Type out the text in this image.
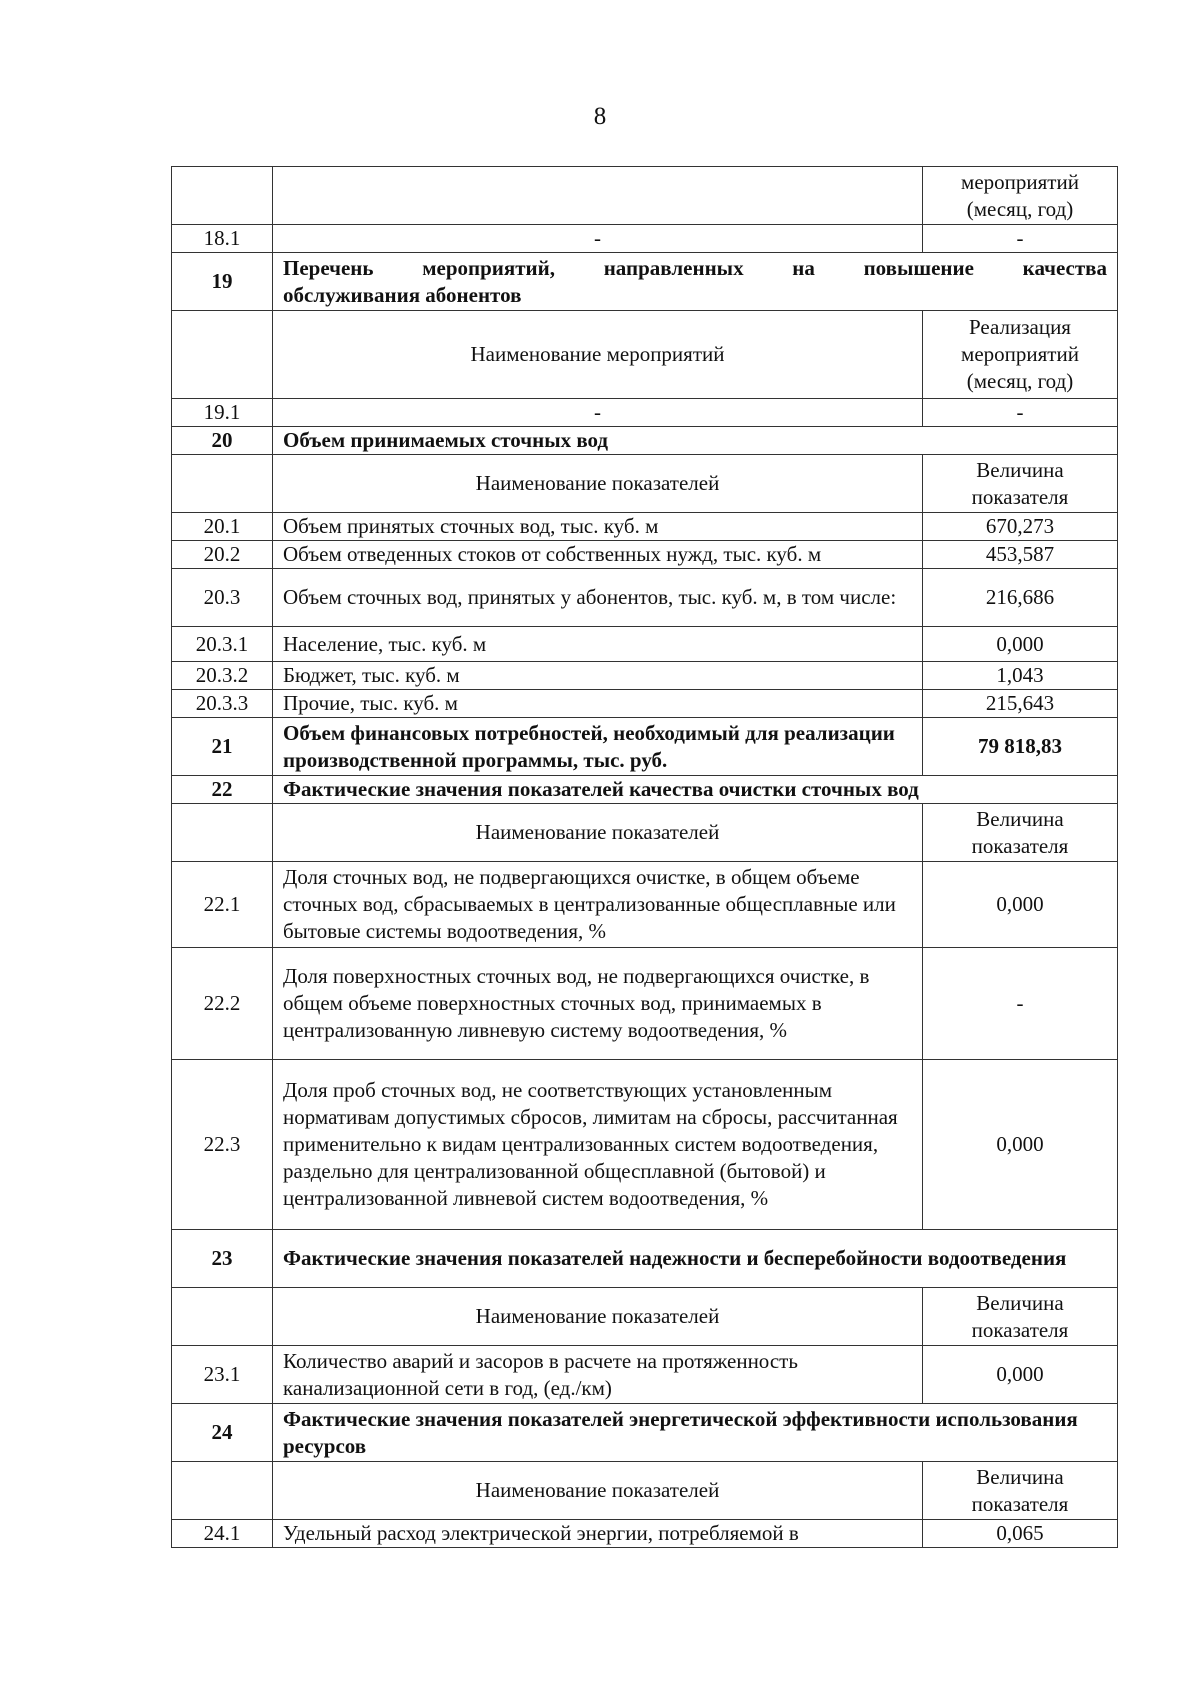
8
		мероприятий (месяц, год)
18.1	-	-
19	Перечень мероприятий, направленных на повышение качества
обслуживания абонентов	

	Наименование мероприятий	Реализация мероприятий (месяц, год)
19.1	-	-
20	Объем принимаемых сточных вод	
	Наименование показателей	Величина показателя
20.1	Объем принятых сточных вод, тыс. куб. м	670,273
20.2	Объем отведенных стоков от собственных нужд, тыс. куб. м	453,587
20.3	Объем сточных вод, принятых у абонентов, тыс. куб. м, в том числе:	216,686
20.3.1	Население, тыс. куб. м	0,000
20.3.2	Бюджет, тыс. куб. м	1,043
20.3.3	Прочие, тыс. куб. м	215,643
21	Объем финансовых потребностей, необходимый для реализации производственной программы, тыс. руб.	79 818,83
22	Фактические значения показателей качества очистки сточных вод	
	Наименование показателей	Величина показателя
22.1	Доля сточных вод, не подвергающихся очистке, в общем объеме сточных вод, сбрасываемых в централизованные общесплавные или бытовые системы водоотведения, %	0,000
22.2	Доля поверхностных сточных вод, не подвергающихся очистке, в общем объеме поверхностных сточных вод, принимаемых в централизованную ливневую систему водоотведения, %	-
22.3	Доля проб сточных вод, не соответствующих установленным нормативам допустимых сбросов, лимитам на сбросы, рассчитанная применительно к видам централизованных систем водоотведения, раздельно для централизованной общесплавной (бытовой) и централизованной ливневой систем водоотведения, %	0,000
23	Фактические значения показателей надежности и бесперебойности водоотведения	
	Наименование показателей	Величина показателя
23.1	Количество аварий и засоров в расчете на протяженность канализационной сети в год, (ед./км)	0,000
24	Фактические значения показателей энергетической эффективности использования ресурсов	
	Наименование показателей	Величина показателя
24.1	Удельный расход электрической энергии, потребляемой в	0,065
